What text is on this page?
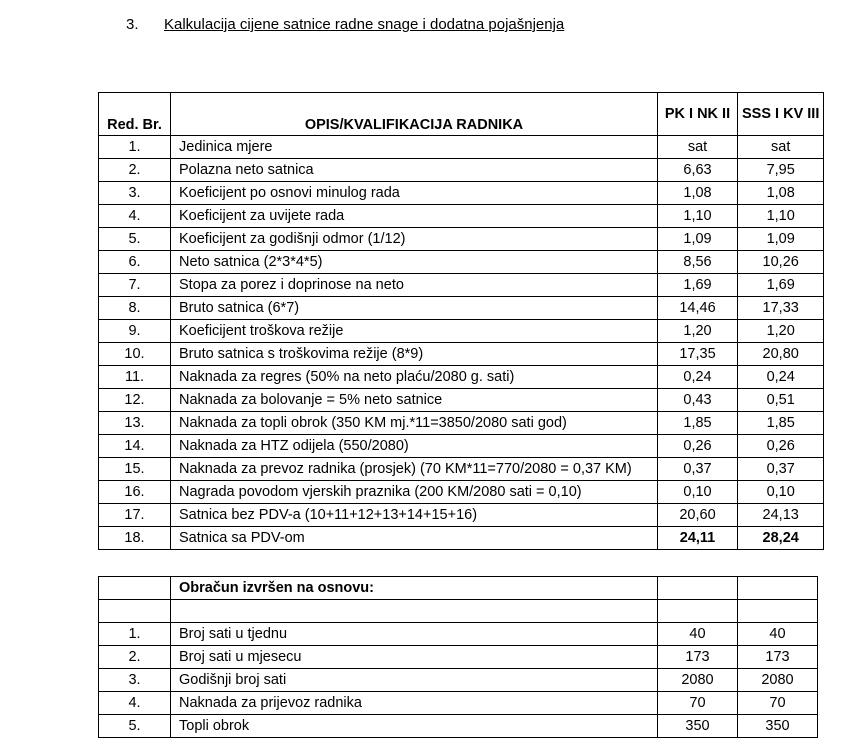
3. Kalkulacija cijene satnice radne snage i dodatna pojašnjenja
Red. Br.	OPIS/KVALIFIKACIJA RADNIKA	PK I NK II	SSS I KV III
1.	Jedinica mjere	sat	sat
2.	Polazna neto satnica	6,63	7,95
3.	Koeficijent po osnovi minulog rada	1,08	1,08
4.	Koeficijent za uvijete rada	1,10	1,10
5.	Koeficijent za godišnji odmor (1/12)	1,09	1,09
6.	Neto satnica (2*3*4*5)	8,56	10,26
7.	Stopa za porez i doprinose na neto	1,69	1,69
8.	Bruto satnica (6*7)	14,46	17,33
9.	Koeficijent troškova režije	1,20	1,20
10.	Bruto satnica s troškovima režije (8*9)	17,35	20,80
11.	Naknada za regres (50% na neto plaću/2080 g. sati)	0,24	0,24
12.	Naknada za bolovanje = 5% neto satnice	0,43	0,51
13.	Naknada za topli obrok (350 KM mj.*11=3850/2080 sati god)	1,85	1,85
14.	Naknada za HTZ odijela (550/2080)	0,26	0,26
15.	Naknada za prevoz radnika (prosjek) (70 KM*11=770/2080 = 0,37 KM)	0,37	0,37
16.	Nagrada povodom vjerskih praznika (200 KM/2080 sati = 0,10)	0,10	0,10
17.	Satnica bez PDV-a (10+11+12+13+14+15+16)	20,60	24,13
18.	Satnica sa PDV-om	24,11	28,24
	Obračun izvršen na osnovu:		

1.	Broj sati u tjednu	40	40
2.	Broj sati u mjesecu	173	173
3.	Godišnji broj sati	2080	2080
4.	Naknada za prijevoz radnika	70	70
5.	Topli obrok	350	350
